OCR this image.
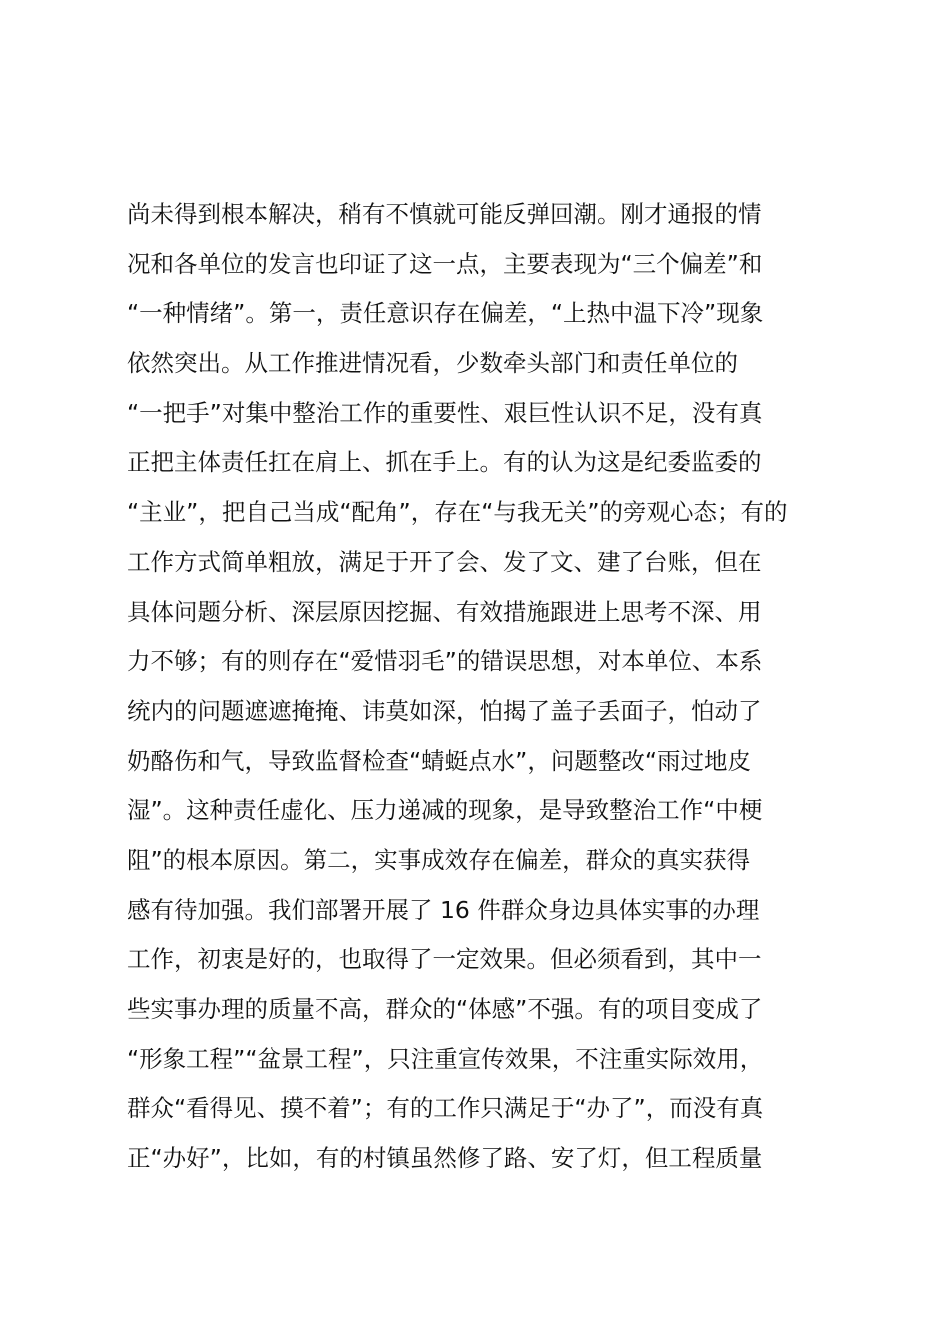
尚未得到根本解决，稍有不慎就可能反弹回潮。刚才通报的情
况和各单位的发言也印证了这一点，主要表现为“三个偏差”和
“一种情绪”。第一，责任意识存在偏差，“上热中温下冷”现象
依然突出。从工作推进情况看，少数牵头部门和责任单位的
“一把手”对集中整治工作的重要性、艰巨性认识不足，没有真
正把主体责任扛在肩上、抓在手上。有的认为这是纪委监委的
“主业”，把自己当成“配角”，存在“与我无关”的旁观心态；有的
工作方式简单粗放，满足于开了会、发了文、建了台账，但在
具体问题分析、深层原因挖掘、有效措施跟进上思考不深、用
力不够；有的则存在“爱惜羽毛”的错误思想，对本单位、本系
统内的问题遮遮掩掩、讳莫如深，怕揭了盖子丢面子，怕动了
奶酪伤和气，导致监督检查“蜻蜓点水”，问题整改“雨过地皮
湿”。这种责任虚化、压力递减的现象，是导致整治工作“中梗
阻”的根本原因。第二，实事成效存在偏差，群众的真实获得
感有待加强。我们部署开展了 16 件群众身边具体实事的办理
工作，初衷是好的，也取得了一定效果。但必须看到，其中一
些实事办理的质量不高，群众的“体感”不强。有的项目变成了
“形象工程”“盆景工程”，只注重宣传效果，不注重实际效用，
群众“看得见、摸不着”；有的工作只满足于“办了”，而没有真
正“办好”，比如，有的村镇虽然修了路、安了灯，但工程质量
